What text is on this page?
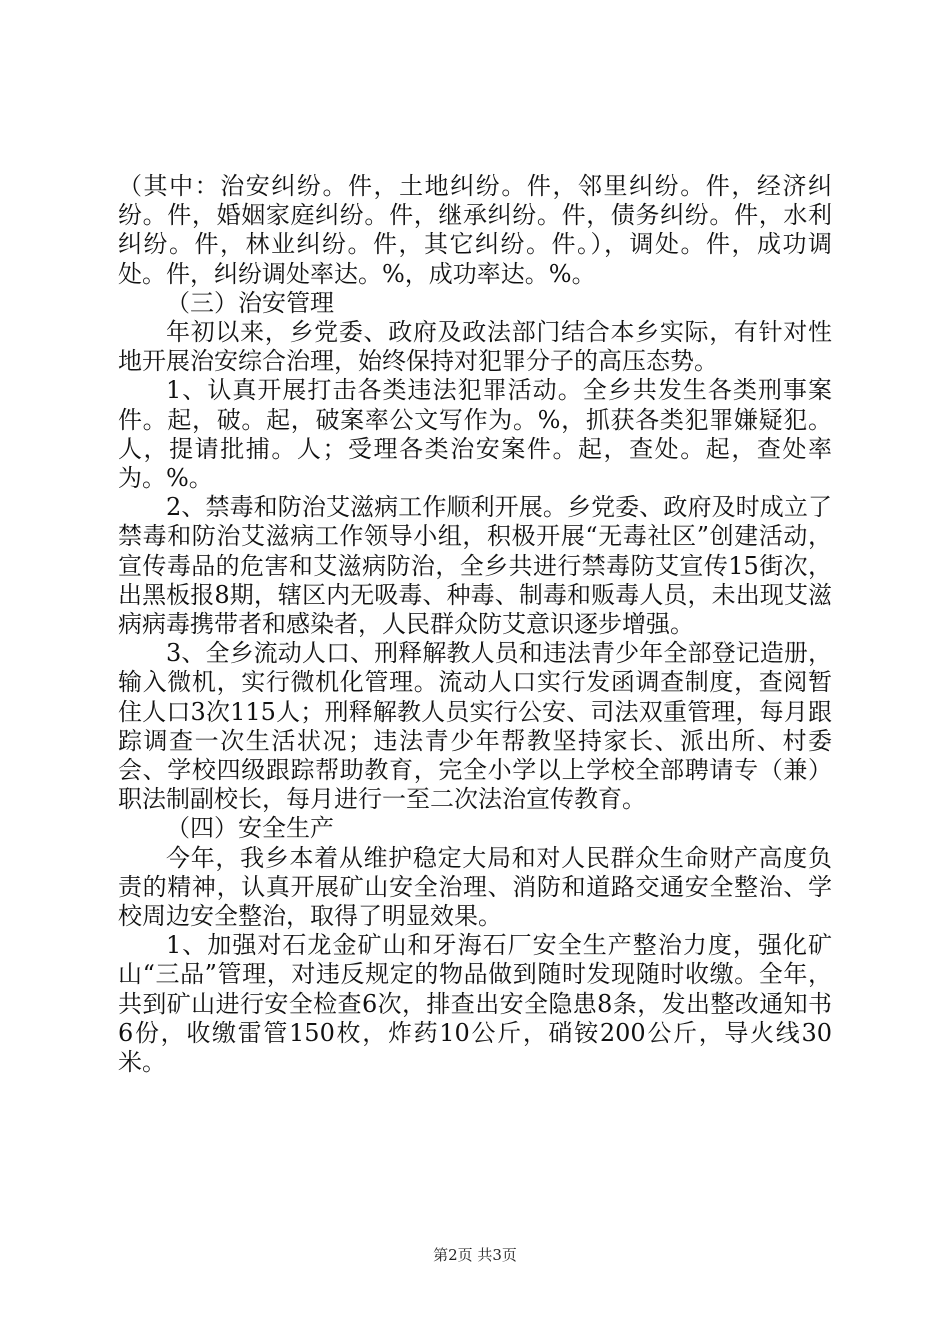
（其中：治安纠纷。件，土地纠纷。件，邻里纠纷。件，经济纠纷。件，婚姻家庭纠纷。件，继承纠纷。件，债务纠纷。件，水利纠纷。件，林业纠纷。件，其它纠纷。件。），调处。件，成功调处。件，纠纷调处率达。%，成功率达。%。

（三）治安管理

年初以来，乡党委、政府及政法部门结合本乡实际，有针对性地开展治安综合治理，始终保持对犯罪分子的高压态势。

1、认真开展打击各类违法犯罪活动。全乡共发生各类刑事案件。起，破。起，破案率公文写作为。%，抓获各类犯罪嫌疑犯。人，提请批捕。人；受理各类治安案件。起，查处。起，查处率为。%。

2、禁毒和防治艾滋病工作顺利开展。乡党委、政府及时成立了禁毒和防治艾滋病工作领导小组，积极开展“无毒社区”创建活动，宣传毒品的危害和艾滋病防治，全乡共进行禁毒防艾宣传15街次，出黑板报8期，辖区内无吸毒、种毒、制毒和贩毒人员，未出现艾滋病病毒携带者和感染者，人民群众防艾意识逐步增强。

3、全乡流动人口、刑释解教人员和违法青少年全部登记造册，输入微机，实行微机化管理。流动人口实行发函调查制度，查阅暂住人口3次115人；刑释解教人员实行公安、司法双重管理，每月跟踪调查一次生活状况；违法青少年帮教坚持家长、派出所、村委会、学校四级跟踪帮助教育，完全小学以上学校全部聘请专（兼）职法制副校长，每月进行一至二次法治宣传教育。

（四）安全生产

今年，我乡本着从维护稳定大局和对人民群众生命财产高度负责的精神，认真开展矿山安全治理、消防和道路交通安全整治、学校周边安全整治，取得了明显效果。

1、加强对石龙金矿山和牙海石厂安全生产整治力度，强化矿山“三品”管理，对违反规定的物品做到随时发现随时收缴。全年，共到矿山进行安全检查6次，排查出安全隐患8条，发出整改通知书6份，收缴雷管150枚，炸药10公斤，硝铵200公斤，导火线30米。

第2页 共3页
